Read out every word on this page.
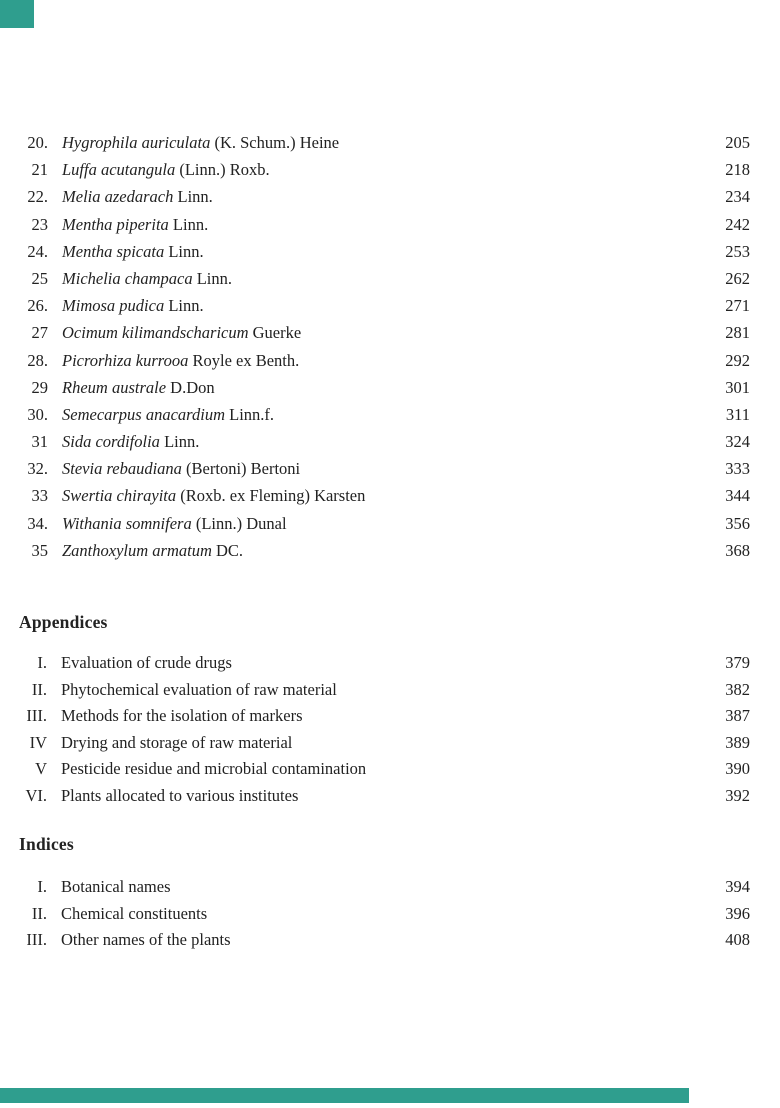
20. Hygrophila auriculata (K. Schum.) Heine	205
21 Luffa acutangula (Linn.) Roxb.	218
22. Melia azedarach Linn.	234
23 Mentha piperita Linn.	242
24. Mentha spicata Linn.	253
25 Michelia champaca Linn.	262
26. Mimosa pudica Linn.	271
27 Ocimum kilimandscharicum Guerke	281
28. Picrorhiza kurrooa Royle ex Benth.	292
29 Rheum australe D.Don	301
30. Semecarpus anacardium Linn.f.	311
31 Sida cordifolia Linn.	324
32. Stevia rebaudiana (Bertoni) Bertoni	333
33 Swertia chirayita (Roxb. ex Fleming) Karsten	344
34. Withania somnifera (Linn.) Dunal	356
35 Zanthoxylum armatum DC.	368
Appendices
I. Evaluation of crude drugs	379
II. Phytochemical evaluation of raw material	382
III. Methods for the isolation of markers	387
IV Drying and storage of raw material	389
V Pesticide residue and microbial contamination	390
VI. Plants allocated to various institutes	392
Indices
I. Botanical names	394
II. Chemical constituents	396
III. Other names of the plants	408
